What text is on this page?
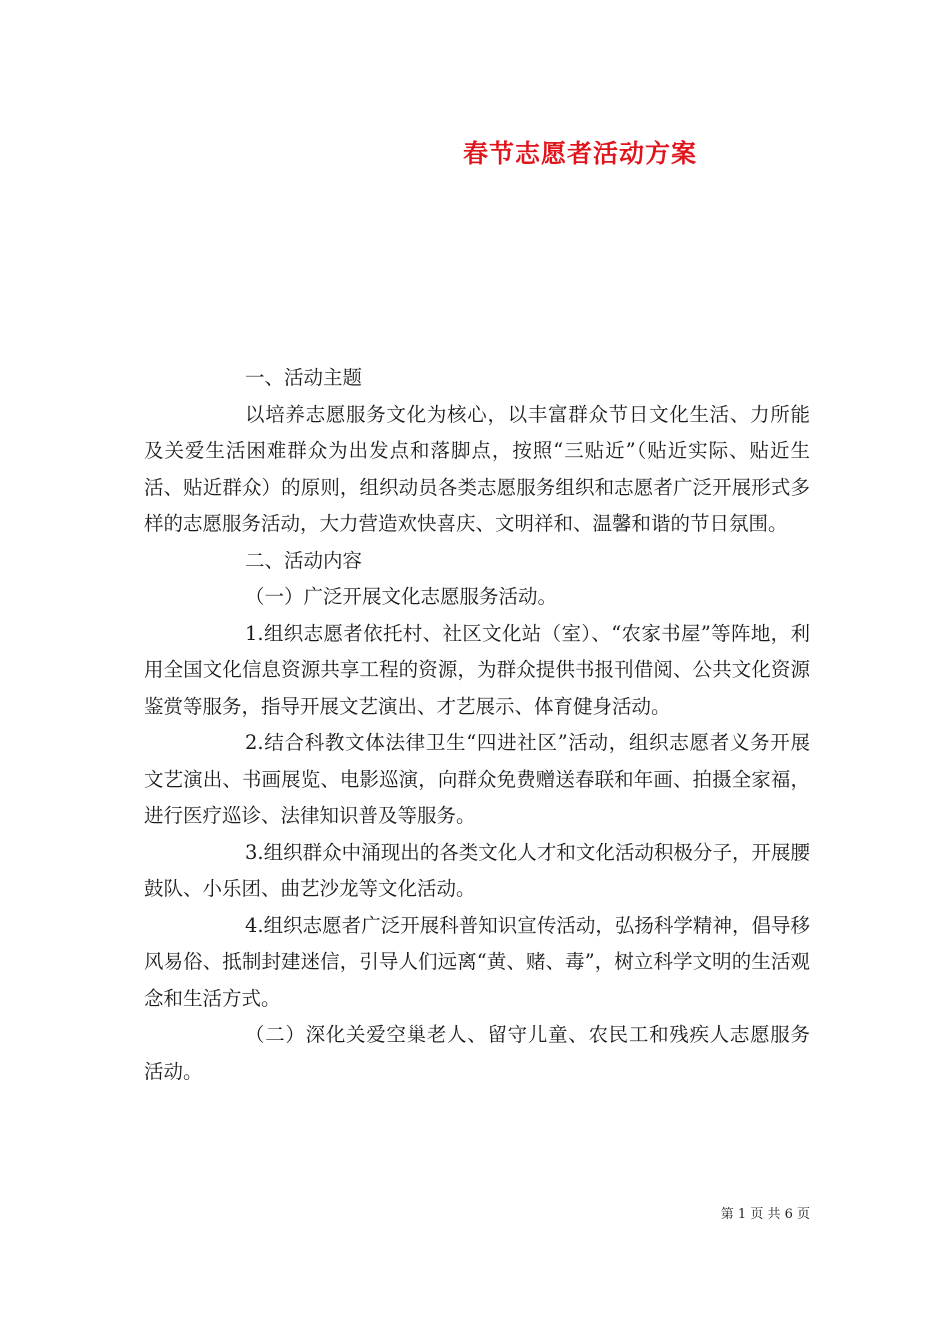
春节志愿者活动方案

一、活动主题

以培养志愿服务文化为核心，以丰富群众节日文化生活、力所能及关爱生活困难群众为出发点和落脚点，按照“三贴近”（贴近实际、贴近生活、贴近群众）的原则，组织动员各类志愿服务组织和志愿者广泛开展形式多样的志愿服务活动，大力营造欢快喜庆、文明祥和、温馨和谐的节日氛围。

二、活动内容

（一）广泛开展文化志愿服务活动。

1.组织志愿者依托村、社区文化站（室）、“农家书屋”等阵地，利用全国文化信息资源共享工程的资源，为群众提供书报刊借阅、公共文化资源鉴赏等服务，指导开展文艺演出、才艺展示、体育健身活动。

2.结合科教文体法律卫生“四进社区”活动，组织志愿者义务开展文艺演出、书画展览、电影巡演，向群众免费赠送春联和年画、拍摄全家福，进行医疗巡诊、法律知识普及等服务。

3.组织群众中涌现出的各类文化人才和文化活动积极分子，开展腰鼓队、小乐团、曲艺沙龙等文化活动。

4.组织志愿者广泛开展科普知识宣传活动，弘扬科学精神，倡导移风易俗、抵制封建迷信，引导人们远离“黄、赌、毒”，树立科学文明的生活观念和生活方式。

（二）深化关爱空巢老人、留守儿童、农民工和残疾人志愿服务活动。

第 1 页 共 6 页
